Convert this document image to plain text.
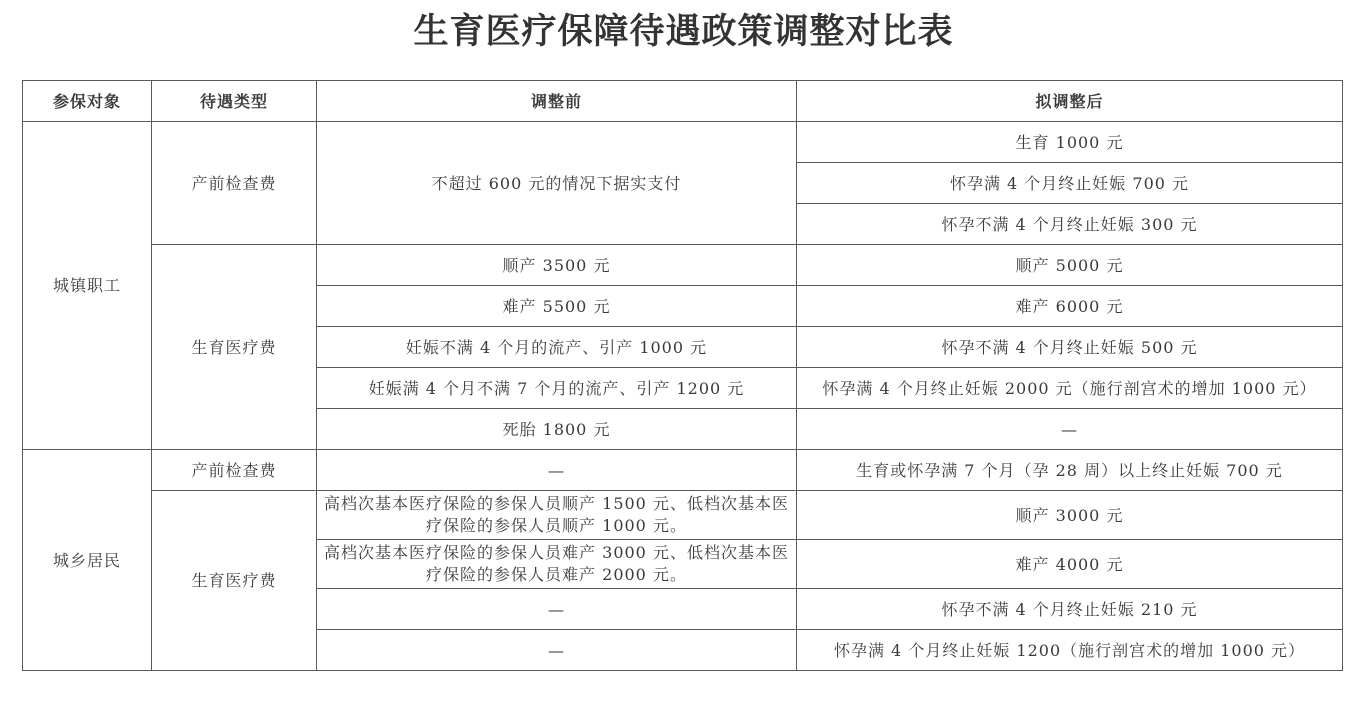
生育医疗保障待遇政策调整对比表
参保对象	待遇类型	调整前	拟调整后
城镇职工	产前检查费	不超过 600 元的情况下据实支付	生育 1000 元
			怀孕满 4 个月终止妊娠 700 元
			怀孕不满 4 个月终止妊娠 300 元
	生育医疗费	顺产 3500 元	顺产 5000 元
		难产 5500 元	难产 6000 元
		妊娠不满 4 个月的流产、引产 1000 元	怀孕不满 4 个月终止妊娠 500 元
		妊娠满 4 个月不满 7 个月的流产、引产 1200 元	怀孕满 4 个月终止妊娠 2000 元（施行剖宫术的增加 1000 元）
		死胎 1800 元	—
城乡居民	产前检查费	—	生育或怀孕满 7 个月（孕 28 周）以上终止妊娠 700 元
	生育医疗费	高档次基本医疗保险的参保人员顺产 1500 元、低档次基本医疗保险的参保人员顺产 1000 元。	顺产 3000 元
		高档次基本医疗保险的参保人员难产 3000 元、低档次基本医疗保险的参保人员难产 2000 元。	难产 4000 元
		—	怀孕不满 4 个月终止妊娠 210 元
		—	怀孕满 4 个月终止妊娠 1200（施行剖宫术的增加 1000 元）
